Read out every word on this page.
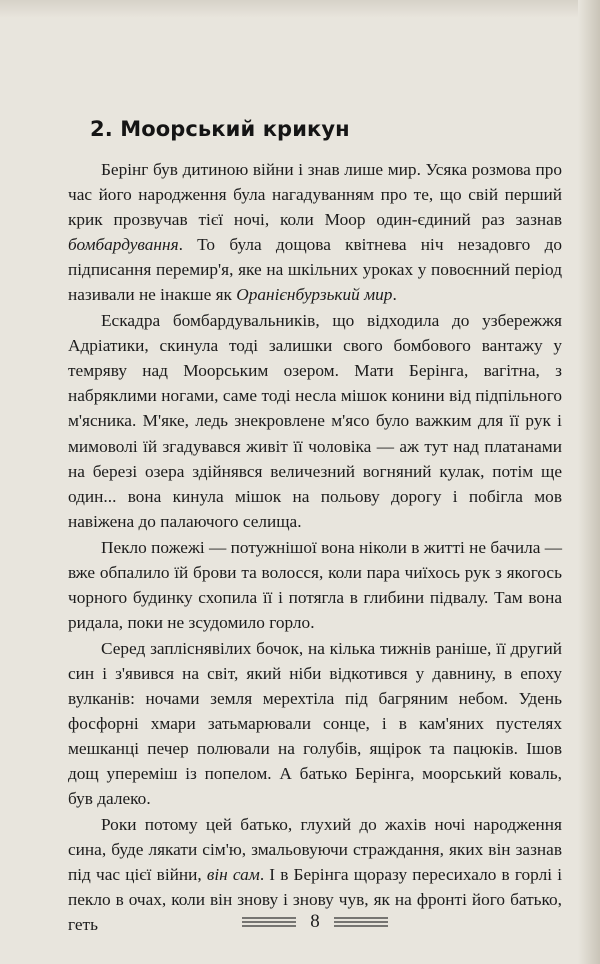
2. Моорський крикун

Берінг був дитиною війни і знав лише мир. Усяка розмова про час його народження була нагадуванням про те, що свій перший крик прозвучав тієї ночі, коли Моор один-єдиний раз зазнав бомбардування. То була дощова квітнева ніч незадовго до підписання перемир'я, яке на шкільних уроках у повоєнний період називали не інакше як Оранієнбурзький мир.

Ескадра бомбардувальників, що відходила до узбережжя Адріатики, скинула тоді залишки свого бомбового вантажу у темряву над Моорським озером. Мати Берінга, вагітна, з набряклими ногами, саме тоді несла мішок конини від підпільного м'ясника. М'яке, ледь знекровлене м'ясо було важким для її рук і мимоволі їй згадувався живіт її чоловіка — аж тут над платанами на березі озера здійнявся величезний вогняний кулак, потім ще один... вона кинула мішок на польову дорогу і побігла мов навіжена до палаючого селища.

Пекло пожежі — потужнішої вона ніколи в житті не бачила — вже обпалило їй брови та волосся, коли пара чиїхось рук з якогось чорного будинку схопила її і потягла в глибини підвалу. Там вона ридала, поки не зсудомило горло.

Серед запліснявілих бочок, на кілька тижнів раніше, її другий син і з'явився на світ, який ніби відкотився у давнину, в епоху вулканів: ночами земля мерехтіла під багряним небом. Удень фосфорні хмари затьмарювали сонце, і в кам'яних пустелях мешканці печер полювали на голубів, ящірок та пацюків. Ішов дощ упереміш із попелом. А батько Берінга, моорський коваль, був далеко.

Роки потому цей батько, глухий до жахів ночі народження сина, буде лякати сім'ю, змальовуючи страждання, яких він зазнав під час цієї війни, він сам. І в Берінга щоразу пересихало в горлі і пекло в очах, коли він знову і знову чув, як на фронті його батько, геть	8
